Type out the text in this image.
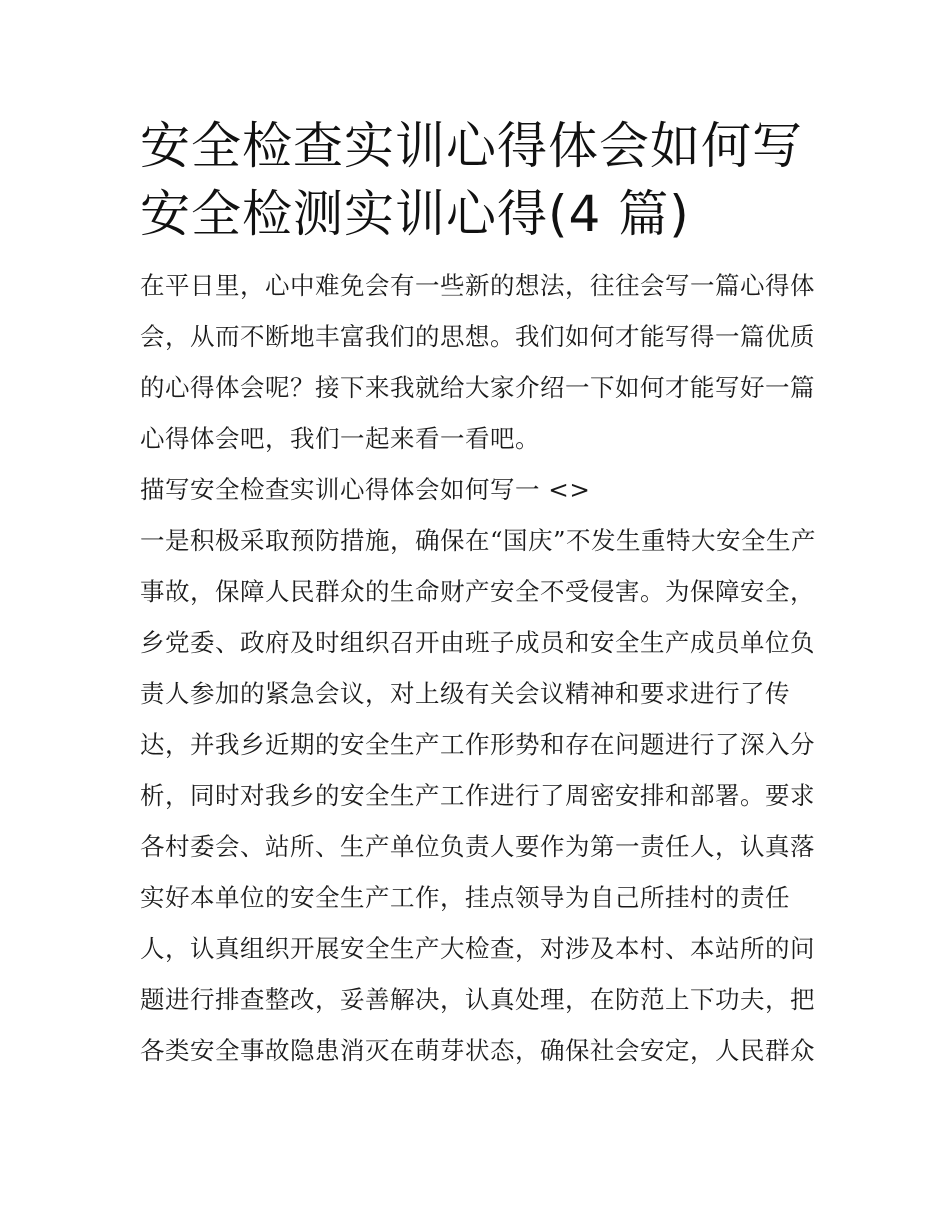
安全检查实训心得体会如何写
安全检测实训心得(4 篇)

在平日里，心中难免会有一些新的想法，往往会写一篇心得体
会，从而不断地丰富我们的思想。我们如何才能写得一篇优质
的心得体会呢？接下来我就给大家介绍一下如何才能写好一篇
心得体会吧，我们一起来看一看吧。

描写安全检查实训心得体会如何写一 <>

一是积极采取预防措施，确保在“国庆”不发生重特大安全生产
事故，保障人民群众的生命财产安全不受侵害。为保障安全，
乡党委、政府及时组织召开由班子成员和安全生产成员单位负
责人参加的紧急会议，对上级有关会议精神和要求进行了传
达，并我乡近期的安全生产工作形势和存在问题进行了深入分
析，同时对我乡的安全生产工作进行了周密安排和部署。要求
各村委会、站所、生产单位负责人要作为第一责任人，认真落
实好本单位的安全生产工作，挂点领导为自己所挂村的责任
人，认真组织开展安全生产大检查，对涉及本村、本站所的问
题进行排查整改，妥善解决，认真处理，在防范上下功夫，把
各类安全事故隐患消灭在萌芽状态，确保社会安定，人民群众
